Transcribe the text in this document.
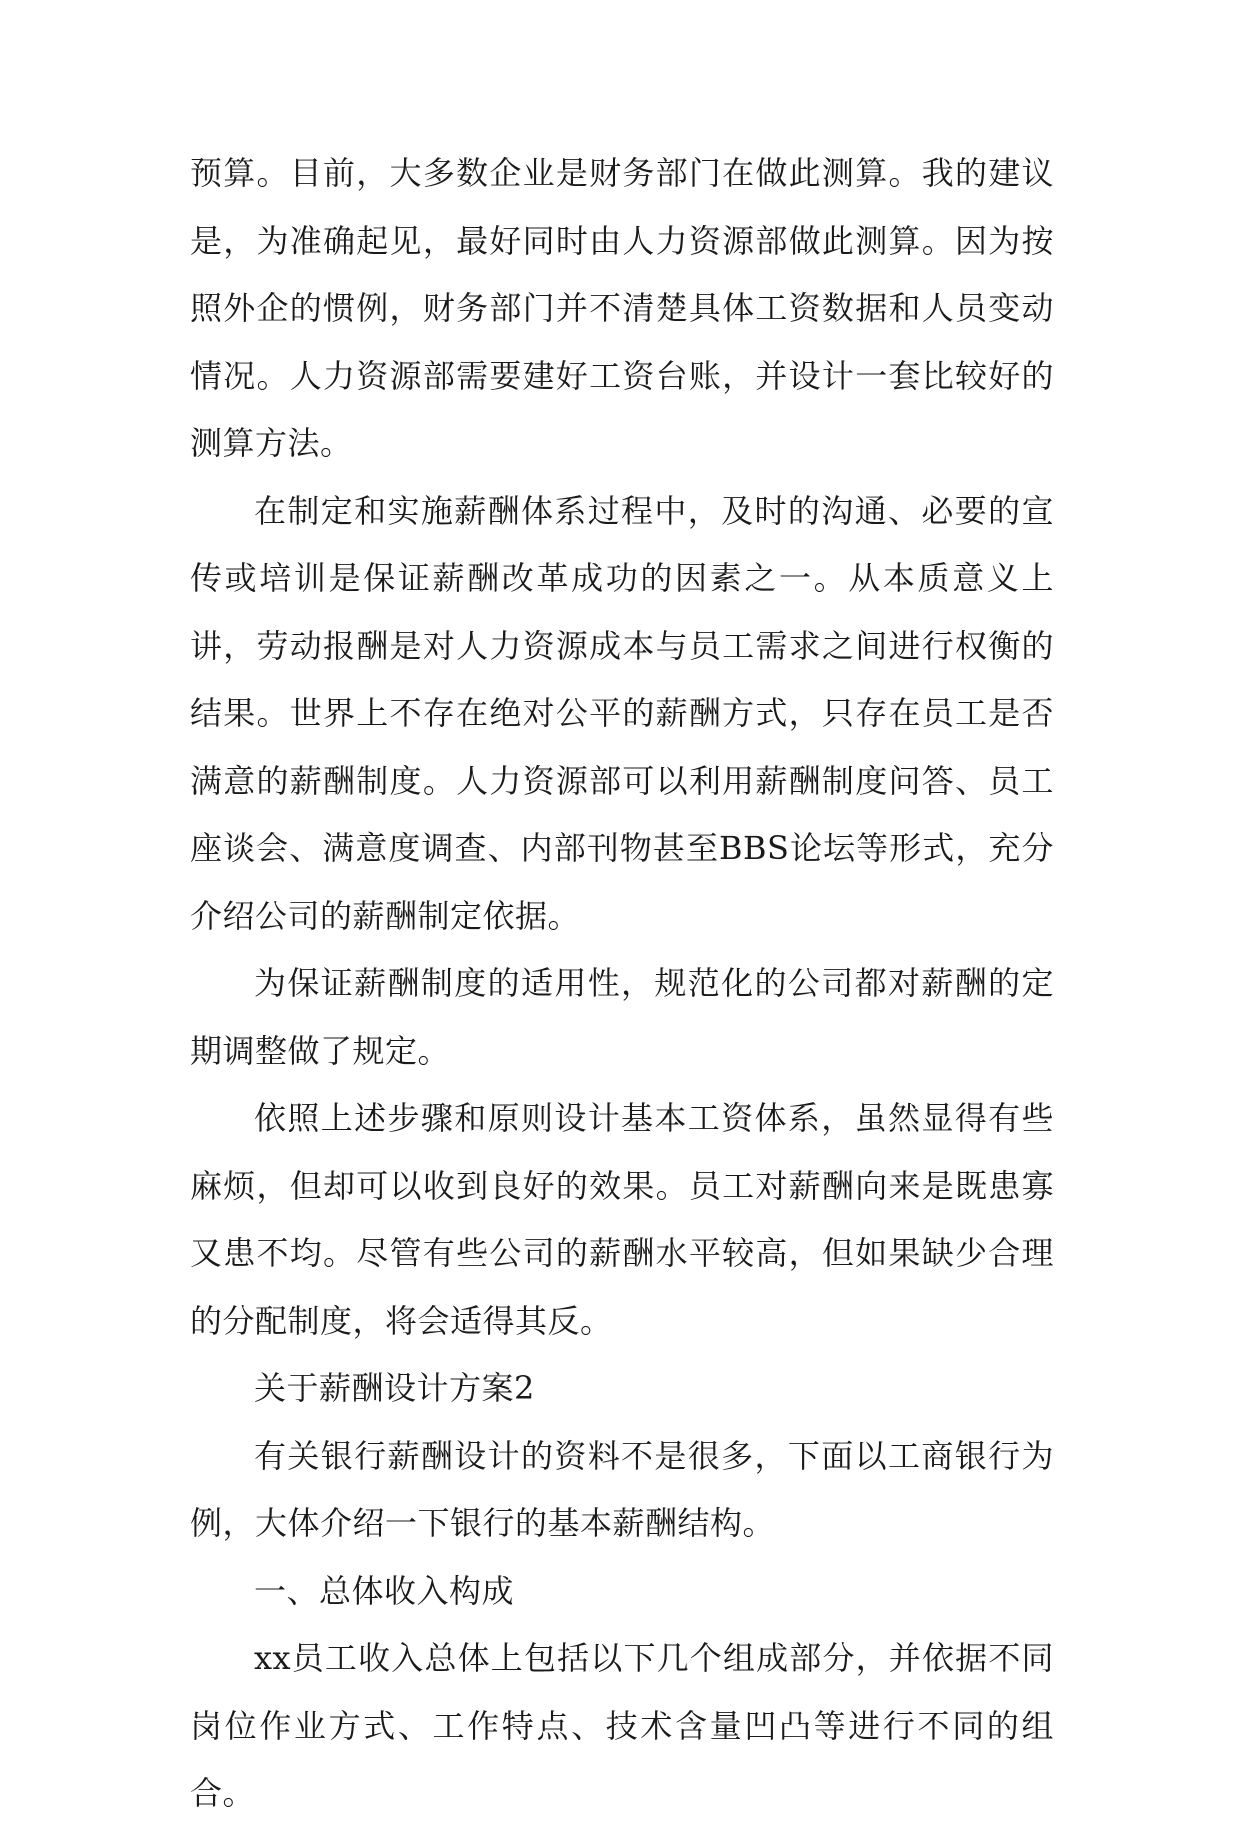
预算。目前，大多数企业是财务部门在做此测算。我的建议是，为准确起见，最好同时由人力资源部做此测算。因为按照外企的惯例，财务部门并不清楚具体工资数据和人员变动情况。人力资源部需要建好工资台账，并设计一套比较好的测算方法。

在制定和实施薪酬体系过程中，及时的沟通、必要的宣传或培训是保证薪酬改革成功的因素之一。从本质意义上讲，劳动报酬是对人力资源成本与员工需求之间进行权衡的结果。世界上不存在绝对公平的薪酬方式，只存在员工是否满意的薪酬制度。人力资源部可以利用薪酬制度问答、员工座谈会、满意度调查、内部刊物甚至BBS论坛等形式，充分介绍公司的薪酬制定依据。

为保证薪酬制度的适用性，规范化的公司都对薪酬的定期调整做了规定。

依照上述步骤和原则设计基本工资体系，虽然显得有些麻烦，但却可以收到良好的效果。员工对薪酬向来是既患寡又患不均。尽管有些公司的薪酬水平较高，但如果缺少合理的分配制度，将会适得其反。

关于薪酬设计方案2

有关银行薪酬设计的资料不是很多，下面以工商银行为例，大体介绍一下银行的基本薪酬结构。

一、总体收入构成

xx员工收入总体上包括以下几个组成部分，并依据不同岗位作业方式、工作特点、技术含量凹凸等进行不同的组合。
